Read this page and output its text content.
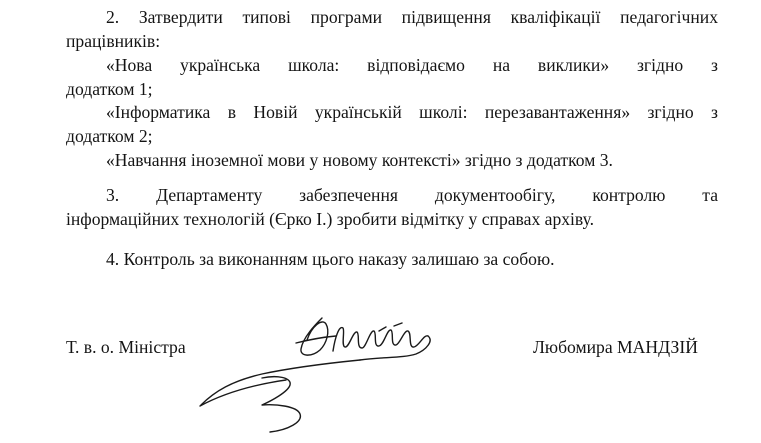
2. Затвердити типові програми підвищення кваліфікації педагогічних
працівників:
«Нова українська школа: відповідаємо на виклики» згідно з
додатком 1;
«Інформатика в Новій українській школі: перезавантаження» згідно з
додатком 2;
«Навчання іноземної мови у новому контексті» згідно з додатком 3.
3. Департаменту забезпечення документообігу, контролю та
інформаційних технологій (Єрко І.) зробити відмітку у справах архіву.
4. Контроль за виконанням цього наказу залишаю за собою.
Т. в. о. Міністра	Любомира МАНДЗІЙ
